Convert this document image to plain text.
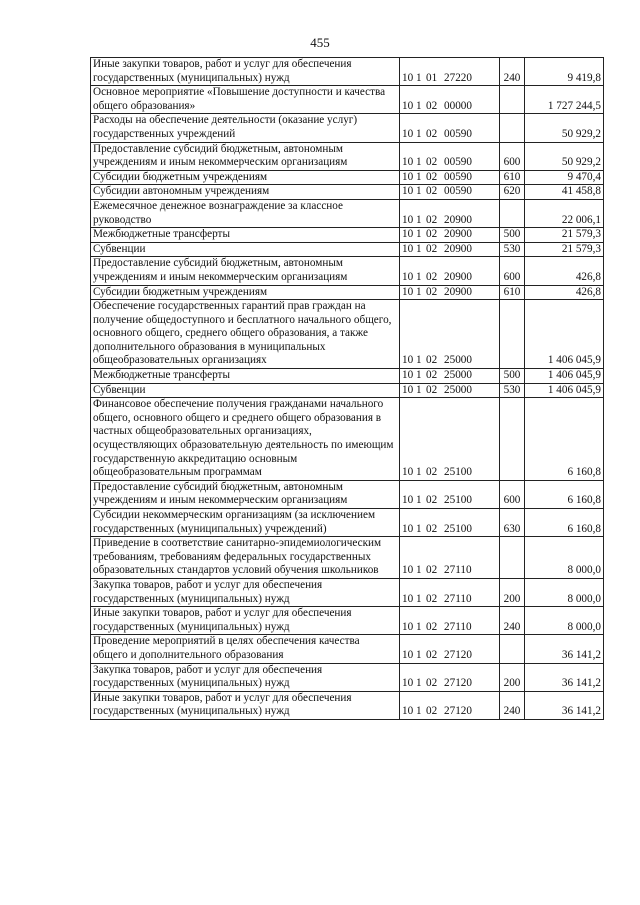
455
Иные закупки товаров, работ и услуг для обеспечения государственных (муниципальных) нужд	10 1 01 27220	240	9 419,8
Основное мероприятие «Повышение доступности и качества общего образования»	10 1 02 00000		1 727 244,5
Расходы на обеспечение деятельности (оказание услуг) государственных учреждений	10 1 02 00590		50 929,2
Предоставление субсидий бюджетным, автономным учреждениям и иным некоммерческим организациям	10 1 02 00590	600	50 929,2
Субсидии бюджетным учреждениям	10 1 02 00590	610	9 470,4
Субсидии автономным учреждениям	10 1 02 00590	620	41 458,8
Ежемесячное денежное вознаграждение за классное руководство	10 1 02 20900		22 006,1
Межбюджетные трансферты	10 1 02 20900	500	21 579,3
Субвенции	10 1 02 20900	530	21 579,3
Предоставление субсидий бюджетным, автономным учреждениям и иным некоммерческим организациям	10 1 02 20900	600	426,8
Субсидии бюджетным учреждениям	10 1 02 20900	610	426,8
Обеспечение государственных гарантий прав граждан на получение общедоступного и бесплатного начального общего, основного общего, среднего общего образования, а также дополнительного образования в муниципальных общеобразовательных организациях	10 1 02 25000		1 406 045,9
Межбюджетные трансферты	10 1 02 25000	500	1 406 045,9
Субвенции	10 1 02 25000	530	1 406 045,9
Финансовое обеспечение получения гражданами начального общего, основного общего и среднего общего образования в частных общеобразовательных организациях, осуществляющих образовательную деятельность по имеющим государственную аккредитацию основным общеобразовательным программам	10 1 02 25100		6 160,8
Предоставление субсидий бюджетным, автономным учреждениям и иным некоммерческим организациям	10 1 02 25100	600	6 160,8
Субсидии некоммерческим организациям (за исключением государственных (муниципальных) учреждений)	10 1 02 25100	630	6 160,8
Приведение в соответствие санитарно-эпидемиологическим требованиям, требованиям федеральных государственных образовательных стандартов условий обучения школьников	10 1 02 27110		8 000,0
Закупка товаров, работ и услуг для обеспечения государственных (муниципальных) нужд	10 1 02 27110	200	8 000,0
Иные закупки товаров, работ и услуг для обеспечения государственных (муниципальных) нужд	10 1 02 27110	240	8 000,0
Проведение мероприятий в целях обеспечения качества общего и дополнительного образования	10 1 02 27120		36 141,2
Закупка товаров, работ и услуг для обеспечения государственных (муниципальных) нужд	10 1 02 27120	200	36 141,2
Иные закупки товаров, работ и услуг для обеспечения государственных (муниципальных) нужд	10 1 02 27120	240	36 141,2
